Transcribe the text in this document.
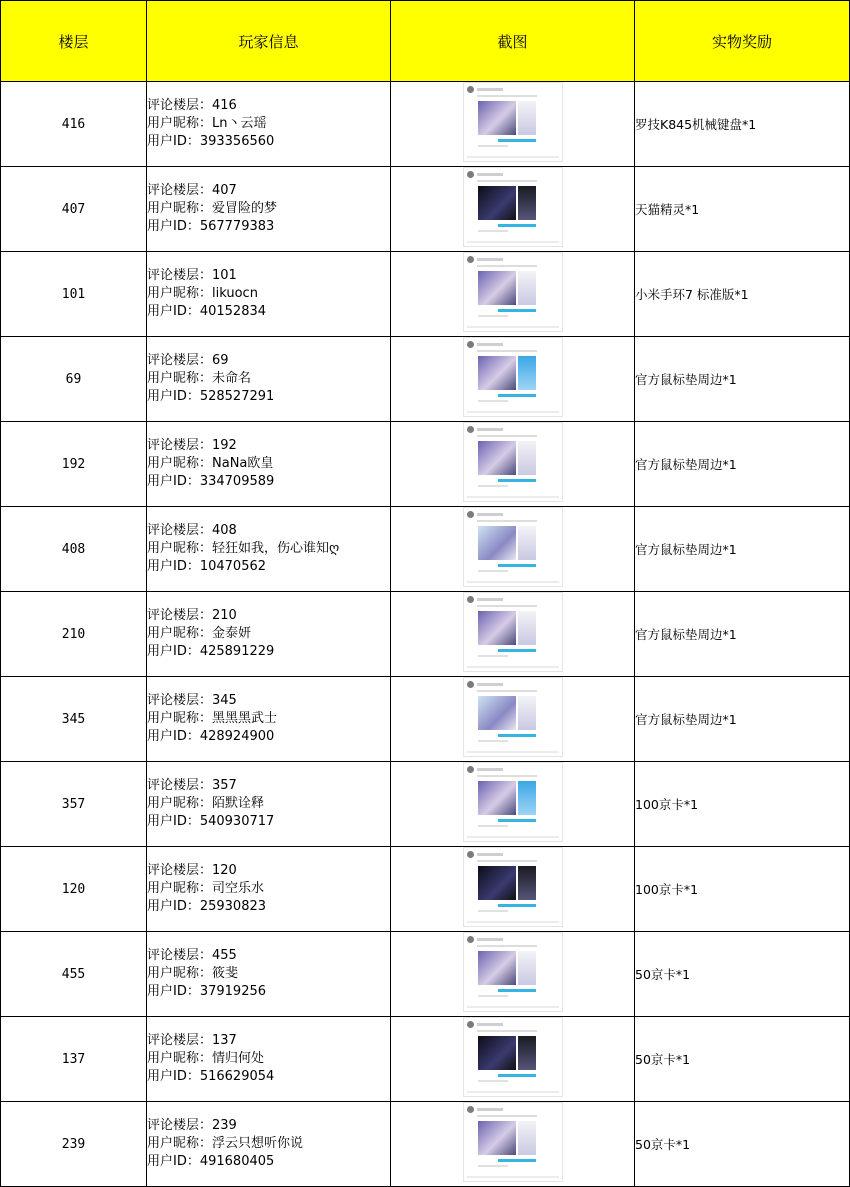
楼层	玩家信息	截图	实物奖励
416	评论楼层：416
用户昵称：Ln丶云瑶
用户ID：393356560		罗技K845机械键盘*1
407	评论楼层：407
用户昵称：爱冒险的梦
用户ID：567779383		天猫精灵*1
101	评论楼层：101
用户昵称：likuocn
用户ID：40152834		小米手环7 标准版*1
69	评论楼层：69
用户昵称：未命名
用户ID：528527291		官方鼠标垫周边*1
192	评论楼层：192
用户昵称：NaNa欧皇
用户ID：334709589		官方鼠标垫周边*1
408	评论楼层：408
用户昵称：轻狂如我，伤心谁知ღ
用户ID：10470562		官方鼠标垫周边*1
210	评论楼层：210
用户昵称：金泰妍
用户ID：425891229		官方鼠标垫周边*1
345	评论楼层：345
用户昵称：黑黑黑武士
用户ID：428924900		官方鼠标垫周边*1
357	评论楼层：357
用户昵称：陌默诠释
用户ID：540930717		100京卡*1
120	评论楼层：120
用户昵称：司空乐水
用户ID：25930823		100京卡*1
455	评论楼层：455
用户昵称：筱斐
用户ID：37919256		50京卡*1
137	评论楼层：137
用户昵称：情归何处
用户ID：516629054		50京卡*1
239	评论楼层：239
用户昵称：浮云只想听你说
用户ID：491680405		50京卡*1
